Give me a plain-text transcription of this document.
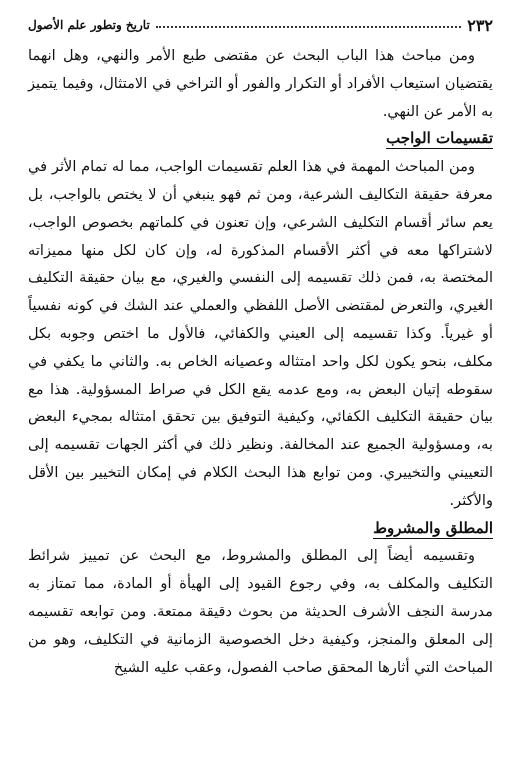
٢٣٢
تاريخ وتطور علم الأصول

ومن مباحث هذا الباب البحث عن مقتضى طبع الأمر والنهي، وهل انهما يقتضيان استيعاب الأفراد أو التكرار والفور أو التراخي في الامتثال، وفيما يتميز به الأمر عن النهي.

تقسيمات الواجب

ومن المباحث المهمة في هذا العلم تقسيمات الواجب، مما له تمام الأثر في معرفة حقيقة التكاليف الشرعية، ومن ثم فهو ينبغي أن لا يختص بالواجب، بل يعم سائر أقسام التكليف الشرعي، وإن تعنون في كلماتهم بخصوص الواجب، لاشتراكها معه في أكثر الأقسام المذكورة له، وإن كان لكل منها مميزاته المختصة به، فمن ذلك تقسيمه إلى النفسي والغيري، مع بيان حقيقة التكليف الغيري، والتعرض لمقتضى الأصل اللفظي والعملي عند الشك في كونه نفسياً أو غيرياً. وكذا تقسيمه إلى العيني والكفائي، فالأول ما اختص وجوبه بكل مكلف، بنحو يكون لكل واحد امتثاله وعصيانه الخاص به. والثاني ما يكفي في سقوطه إتيان البعض به، ومع عدمه يقع الكل في صراط المسؤولية. هذا مع بيان حقيقة التكليف الكفائي، وكيفية التوفيق بين تحقق امتثاله بمجيء البعض به، ومسؤولية الجميع عند المخالفة. ونظير ذلك في أكثر الجهات تقسيمه إلى التعييني والتخييري. ومن توابع هذا البحث الكلام في إمكان التخيير بين الأقل والأكثر.

المطلق والمشروط

وتقسيمه أيضاً إلى المطلق والمشروط، مع البحث عن تمييز شرائط التكليف والمكلف به، وفي رجوع القيود إلى الهيأة أو المادة، مما تمتاز به مدرسة النجف الأشرف الحديثة من بحوث دقيقة ممتعة. ومن توابعه تقسيمه إلى المعلق والمنجز، وكيفية دخل الخصوصية الزمانية في التكليف، وهو من المباحث التي أثارها المحقق صاحب الفصول، وعقب عليه الشيخ
